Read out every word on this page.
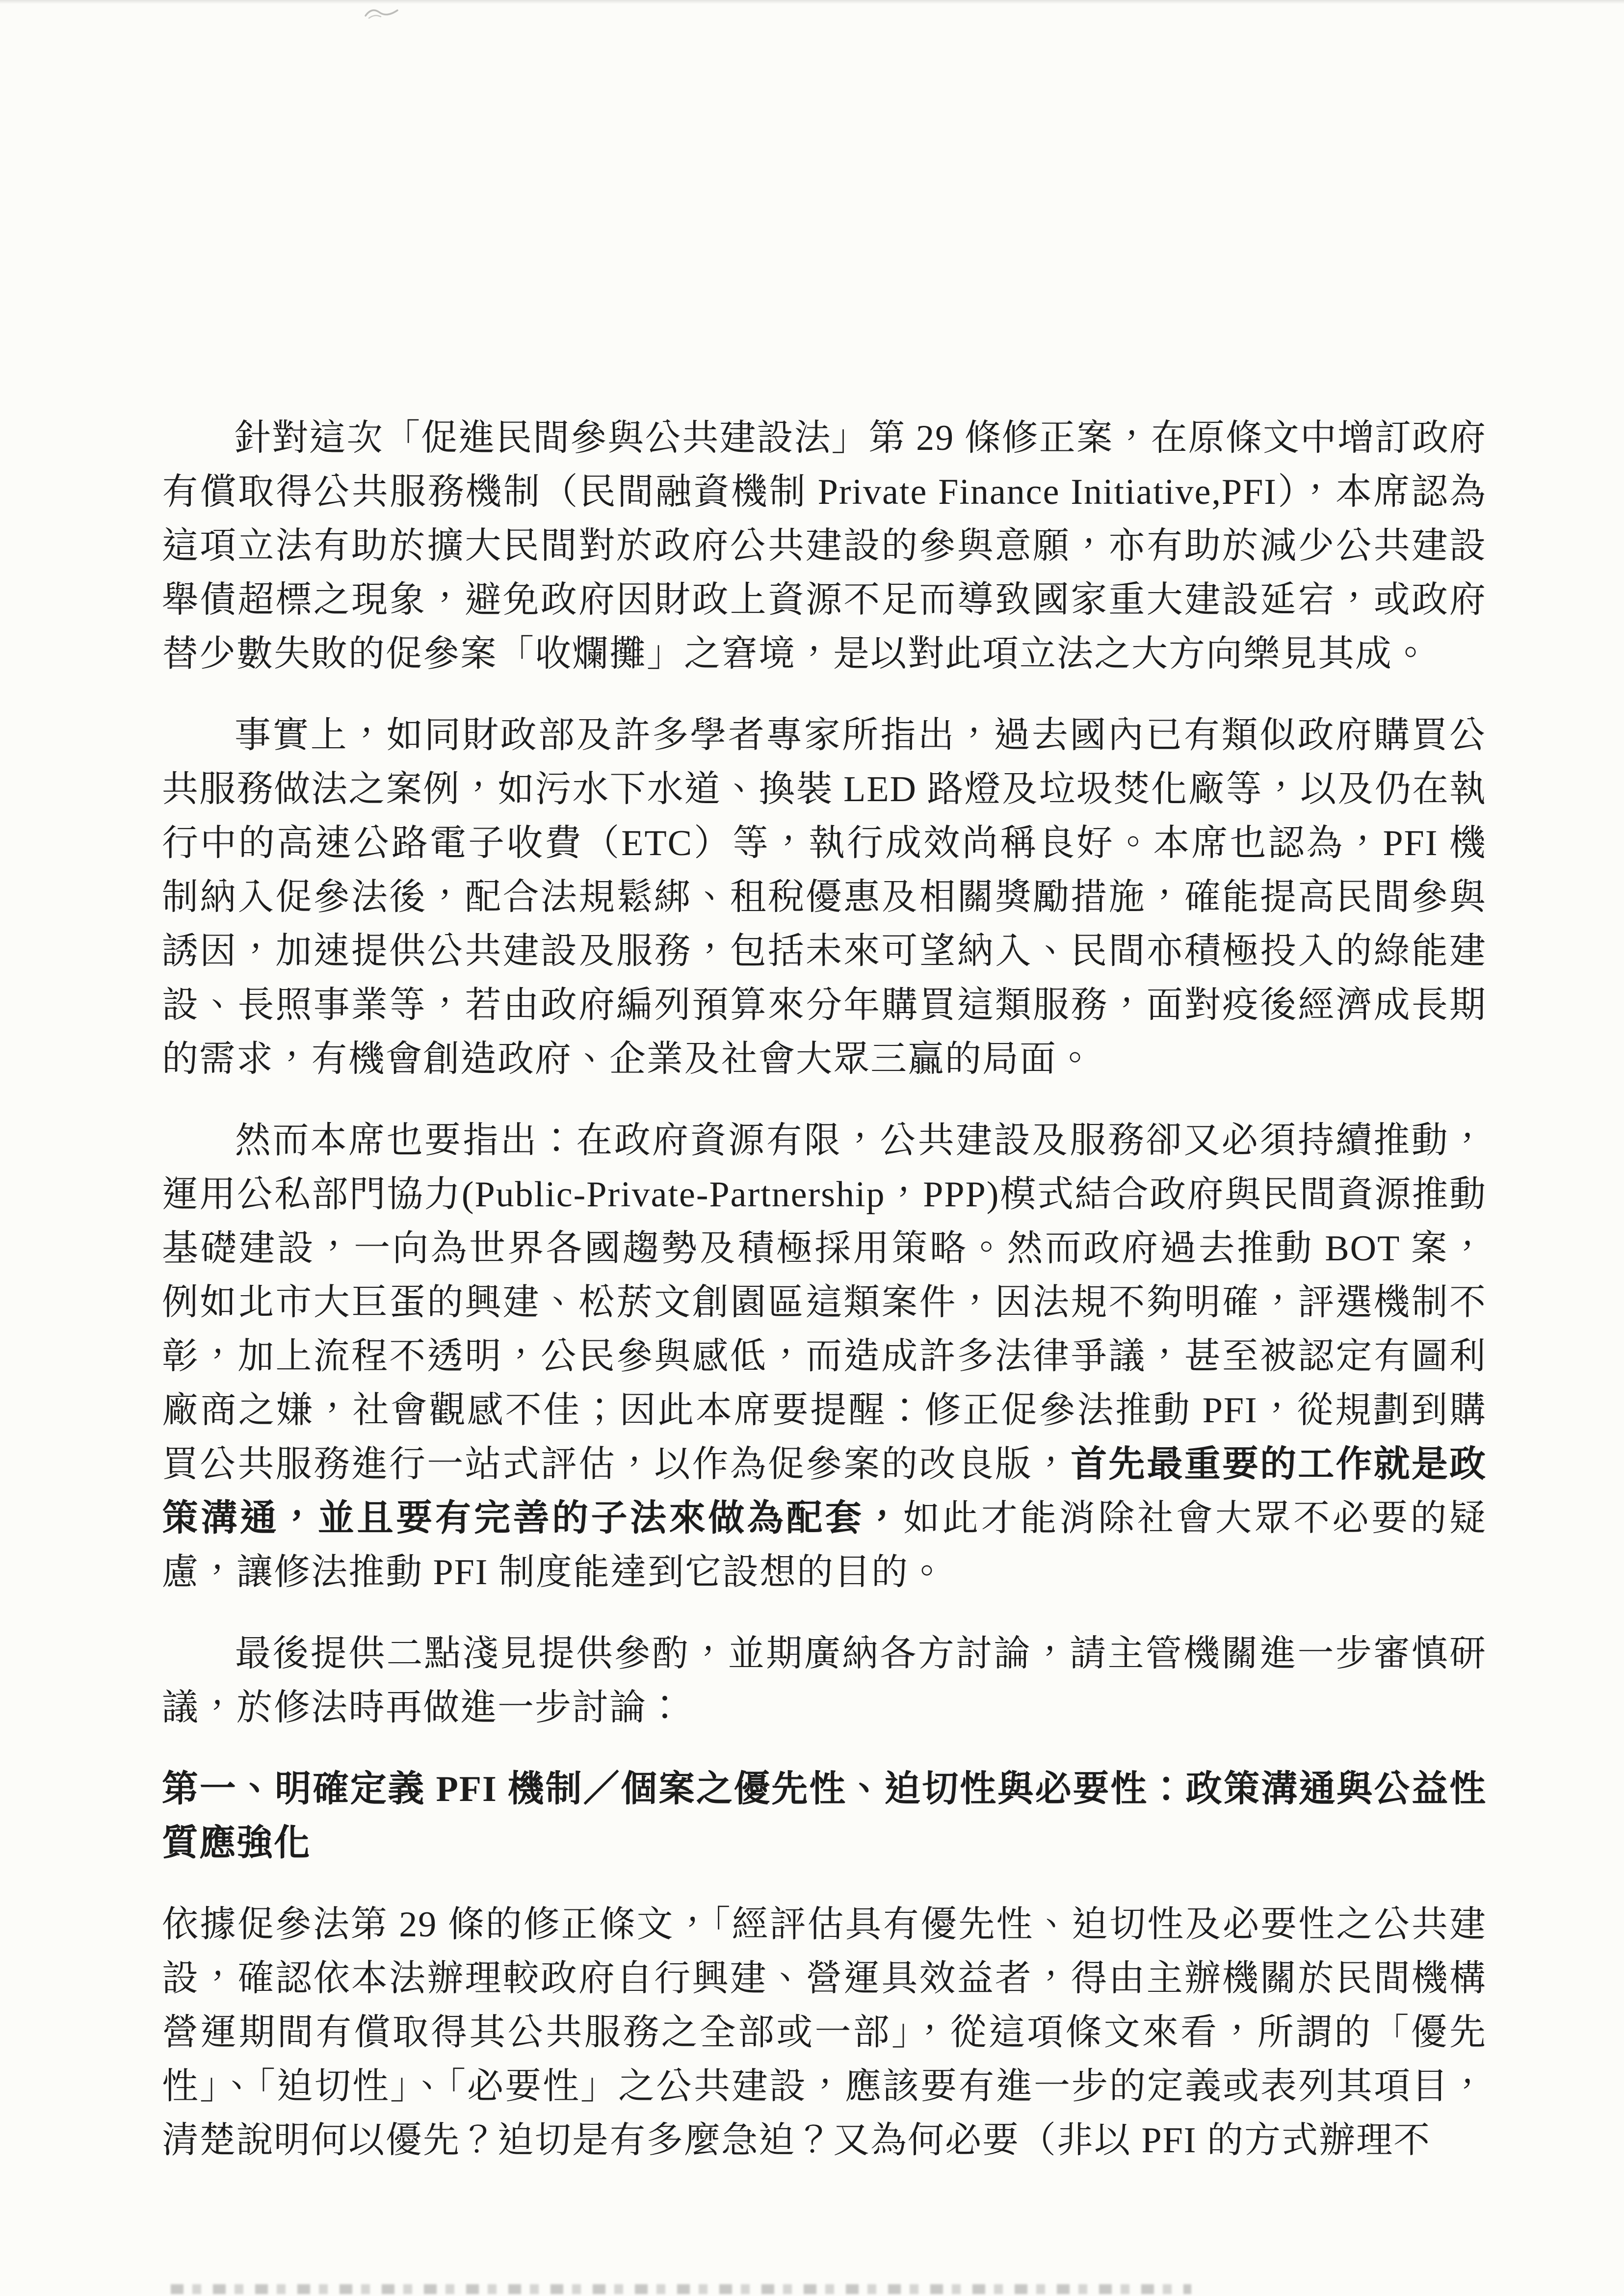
針對這次「促進民間參與公共建設法」第 29 條修正案，在原條文中增訂政府有償取得公共服務機制（民間融資機制 Private Finance Initiative,PFI），本席認為這項立法有助於擴大民間對於政府公共建設的參與意願，亦有助於減少公共建設舉債超標之現象，避免政府因財政上資源不足而導致國家重大建設延宕，或政府替少數失敗的促參案「收爛攤」之窘境，是以對此項立法之大方向樂見其成。

事實上，如同財政部及許多學者專家所指出，過去國內已有類似政府購買公共服務做法之案例，如污水下水道、換裝 LED 路燈及垃圾焚化廠等，以及仍在執行中的高速公路電子收費（ETC）等，執行成效尚稱良好。本席也認為，PFI 機制納入促參法後，配合法規鬆綁、租稅優惠及相關獎勵措施，確能提高民間參與誘因，加速提供公共建設及服務，包括未來可望納入、民間亦積極投入的綠能建設、長照事業等，若由政府編列預算來分年購買這類服務，面對疫後經濟成長期的需求，有機會創造政府、企業及社會大眾三贏的局面。

然而本席也要指出：在政府資源有限，公共建設及服務卻又必須持續推動，運用公私部門協力(Public-Private-Partnership，PPP)模式結合政府與民間資源推動基礎建設，一向為世界各國趨勢及積極採用策略。然而政府過去推動 BOT 案，例如北市大巨蛋的興建、松菸文創園區這類案件，因法規不夠明確，評選機制不彰，加上流程不透明，公民參與感低，而造成許多法律爭議，甚至被認定有圖利廠商之嫌，社會觀感不佳；因此本席要提醒：修正促參法推動 PFI，從規劃到購買公共服務進行一站式評估，以作為促參案的改良版，首先最重要的工作就是政策溝通，並且要有完善的子法來做為配套，如此才能消除社會大眾不必要的疑慮，讓修法推動 PFI 制度能達到它設想的目的。

最後提供二點淺見提供參酌，並期廣納各方討論，請主管機關進一步審慎研議，於修法時再做進一步討論：

第一、明確定義 PFI 機制／個案之優先性、迫切性與必要性：政策溝通與公益性質應強化

依據促參法第 29 條的修正條文，「經評估具有優先性、迫切性及必要性之公共建設，確認依本法辦理較政府自行興建、營運具效益者，得由主辦機關於民間機構營運期間有償取得其公共服務之全部或一部」，從這項條文來看，所謂的「優先性」、「迫切性」、「必要性」之公共建設，應該要有進一步的定義或表列其項目，清楚說明何以優先？迫切是有多麼急迫？又為何必要（非以 PFI 的方式辦理不
